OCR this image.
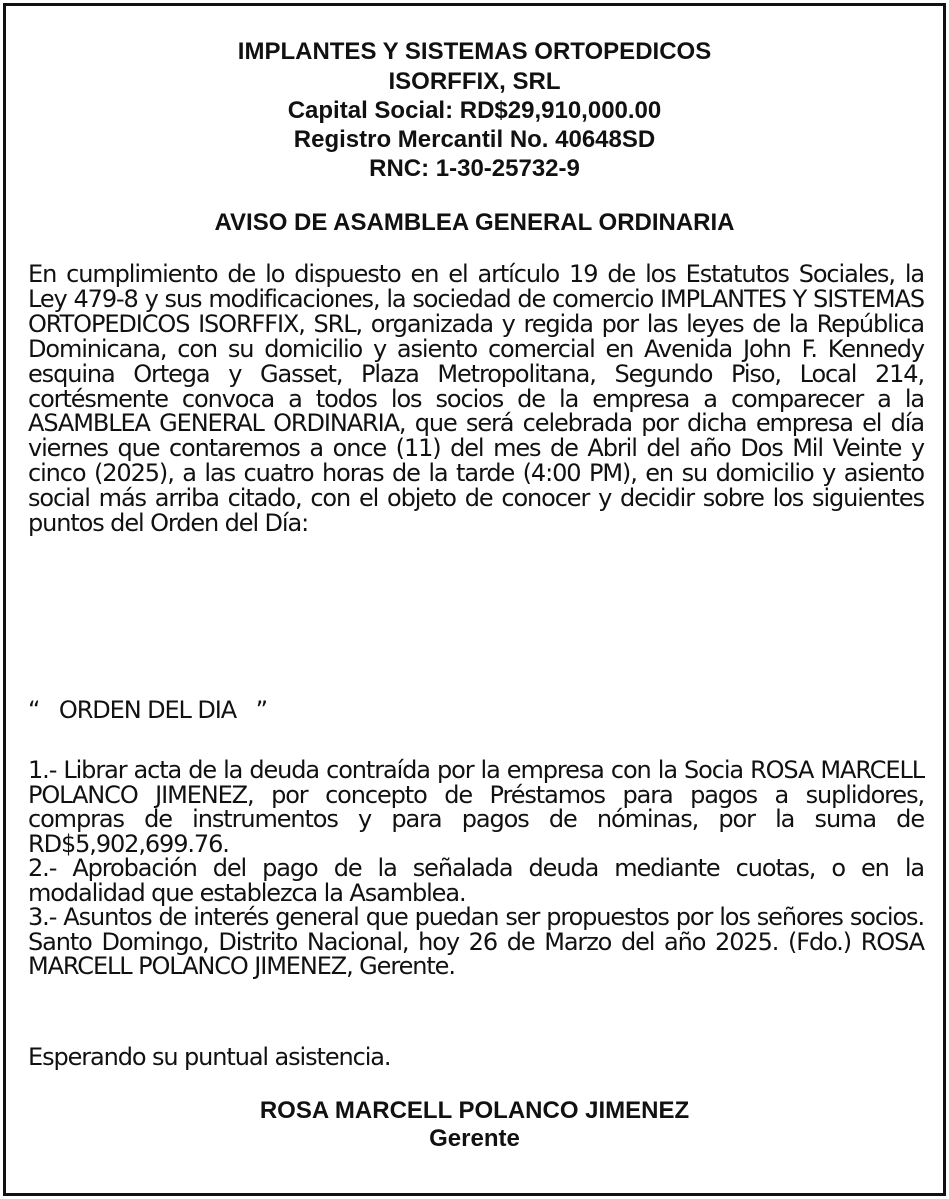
IMPLANTES Y SISTEMAS ORTOPEDICOS
ISORFFIX, SRL
Capital Social: RD$29,910,000.00
Registro Mercantil No. 40648SD
RNC: 1-30-25732-9
AVISO DE ASAMBLEA GENERAL ORDINARIA
En cumplimiento de lo dispuesto en el artículo 19 de los Estatutos Sociales, la Ley 479-8 y sus modificaciones, la sociedad de comercio IMPLANTES Y SISTEMAS ORTOPEDICOS ISORFFIX, SRL, organizada y regida por las leyes de la República Dominicana, con su domicilio y asiento comercial en Avenida John F. Kennedy esquina Ortega y Gasset, Plaza Metropolitana, Segundo Piso, Local 214, cortésmente convoca a todos los socios de la empresa a comparecer a la ASAMBLEA GENERAL ORDINARIA, que será celebrada por dicha empresa el día viernes que contaremos a once (11) del mes de Abril del año Dos Mil Veinte y cinco (2025), a las cuatro horas de la tarde (4:00 PM), en su domicilio y asiento social más arriba citado, con el objeto de conocer y decidir sobre los siguientes puntos del Orden del Día:
“   ORDEN DEL DIA   ”
1.- Librar acta de la deuda contraída por la empresa con la Socia ROSA MARCELL POLANCO JIMENEZ, por concepto de Préstamos para pagos a suplidores, compras de instrumentos y para pagos de nóminas, por la suma de RD$5,902,699.76.
2.- Aprobación del pago de la señalada deuda mediante cuotas, o en la modalidad que establezca la Asamblea.
3.- Asuntos de interés general que puedan ser propuestos por los señores socios. Santo Domingo, Distrito Nacional, hoy 26 de Marzo del año 2025. (Fdo.) ROSA MARCELL POLANCO JIMENEZ, Gerente.
Esperando su puntual asistencia.
ROSA MARCELL POLANCO JIMENEZ
Gerente
